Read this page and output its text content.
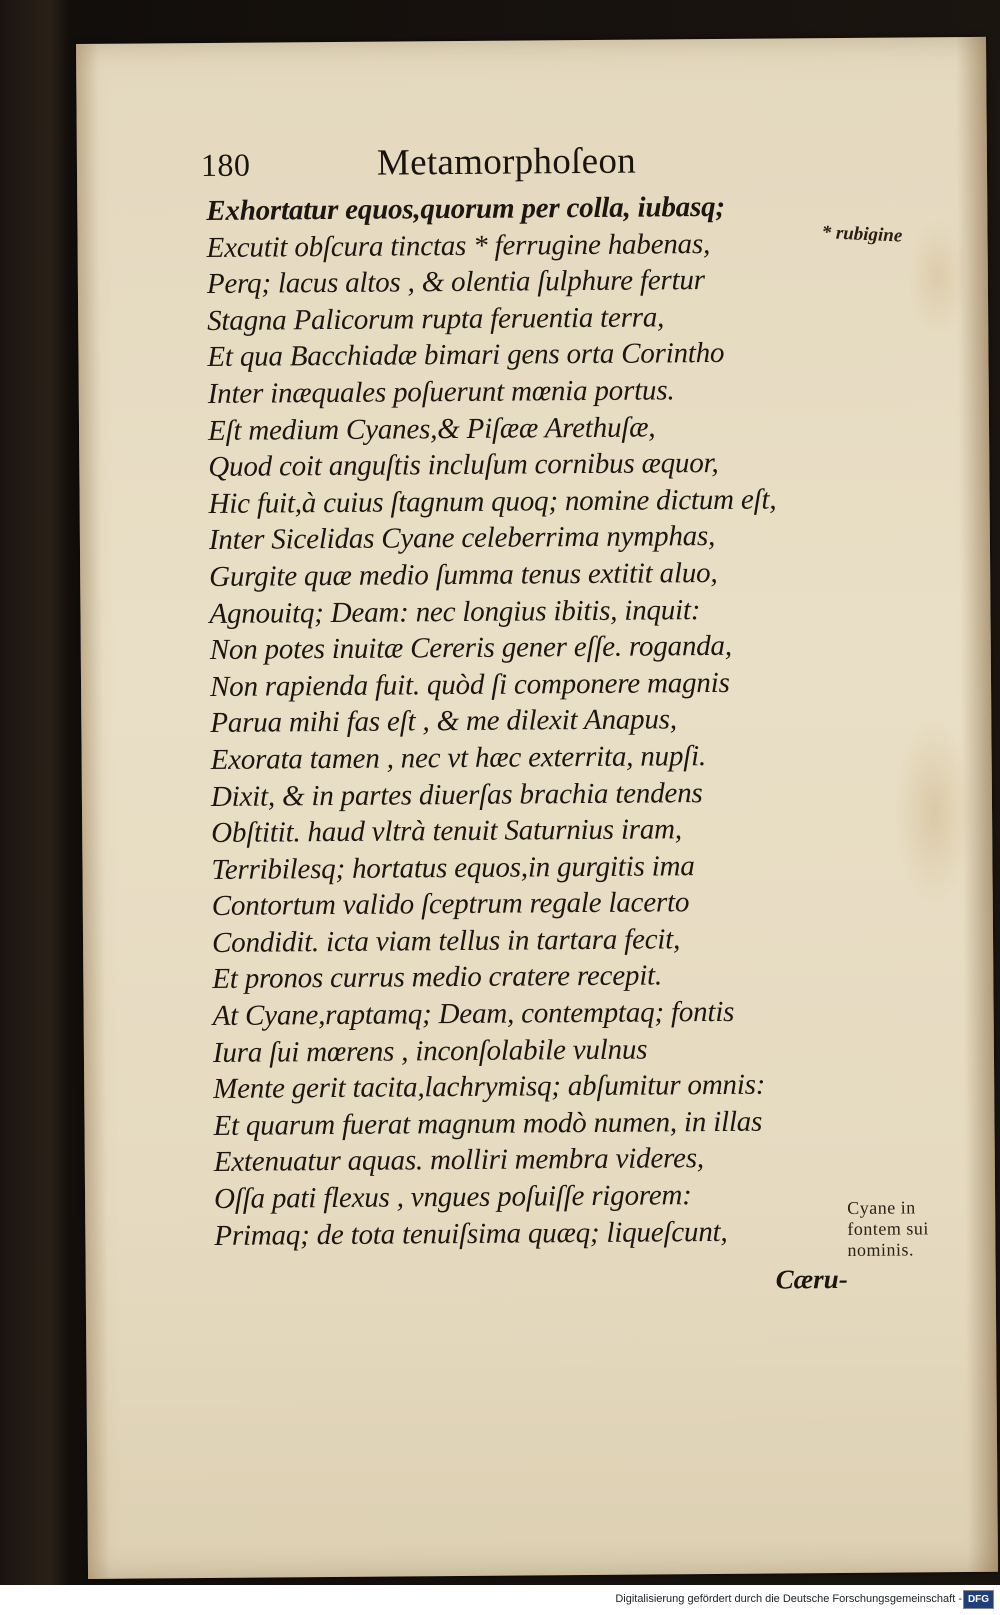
180	Metamorphoſeon
* rubigine
Exhortatur equos,quorum per colla, iubasq;
Excutit obſcura tinctas * ferrugine habenas,
Perq; lacus altos , & olentia ſulphure fertur
Stagna Palicorum rupta feruentia terra,
Et qua Bacchiadæ bimari gens orta Corintho
Inter inæquales poſuerunt mœnia portus.
Eſt medium Cyanes,& Piſææ Arethuſæ,
Quod coit anguſtis incluſum cornibus æquor,
Hic fuit,à cuius ſtagnum quoq; nomine dictum eſt,
Inter Sicelidas Cyane celeberrima nymphas,
Gurgite quæ medio ſumma tenus extitit aluo,
Agnouitq; Deam: nec longius ibitis, inquit:
Non potes inuitæ Cereris gener eſſe. roganda,
Non rapienda fuit. quòd ſi componere magnis
Parua mihi fas eſt , & me dilexit Anapus,
Exorata tamen , nec vt hæc exterrita, nupſi.
Dixit, & in partes diuerſas brachia tendens
Obſtitit. haud vltrà tenuit Saturnius iram,
Terribilesq; hortatus equos,in gurgitis ima
Contortum valido ſceptrum regale lacerto
Condidit. icta viam tellus in tartara fecit,
Et pronos currus medio cratere recepit.
At Cyane,raptamq; Deam, contemptaq; fontis
Iura ſui mœrens , inconſolabile vulnus
Mente gerit tacita,lachrymisq; abſumitur omnis:
Et quarum fuerat magnum modò numen, in illas
Extenuatur aquas. molliri membra videres,
Oſſa pati flexus , vngues poſuiſſe rigorem:
Primaq; de tota tenuiſsima quæq; liqueſcunt,
Cyane in
fontem sui
nominis.
Cæru-
Digitalisierung gefördert durch die Deutsche Forschungsgemeinschaft - DFG
